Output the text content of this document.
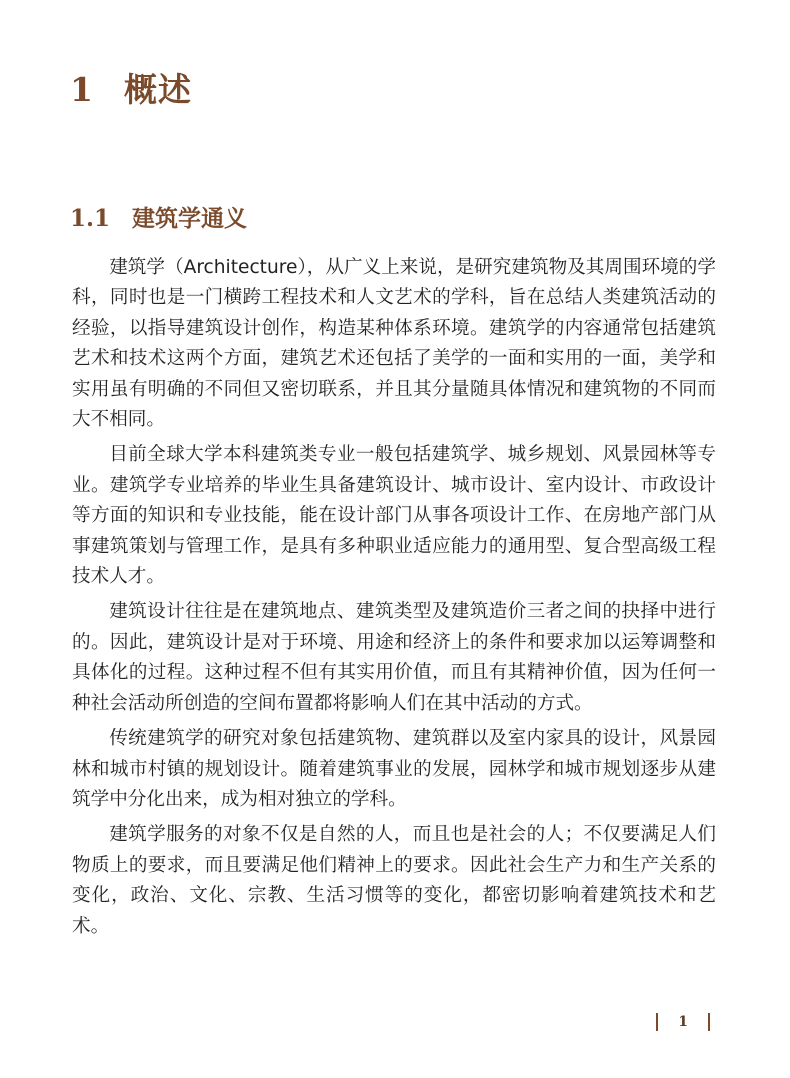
1 概述
1.1 建筑学通义

建筑学（Architecture），从广义上来说，是研究建筑物及其周围环境的学科，同时也是一门横跨工程技术和人文艺术的学科，旨在总结人类建筑活动的经验，以指导建筑设计创作，构造某种体系环境。建筑学的内容通常包括建筑艺术和技术这两个方面，建筑艺术还包括了美学的一面和实用的一面，美学和实用虽有明确的不同但又密切联系，并且其分量随具体情况和建筑物的不同而大不相同。

目前全球大学本科建筑类专业一般包括建筑学、城乡规划、风景园林等专业。建筑学专业培养的毕业生具备建筑设计、城市设计、室内设计、市政设计等方面的知识和专业技能，能在设计部门从事各项设计工作、在房地产部门从事建筑策划与管理工作，是具有多种职业适应能力的通用型、复合型高级工程技术人才。

建筑设计往往是在建筑地点、建筑类型及建筑造价三者之间的抉择中进行的。因此，建筑设计是对于环境、用途和经济上的条件和要求加以运筹调整和具体化的过程。这种过程不但有其实用价值，而且有其精神价值，因为任何一种社会活动所创造的空间布置都将影响人们在其中活动的方式。

传统建筑学的研究对象包括建筑物、建筑群以及室内家具的设计，风景园林和城市村镇的规划设计。随着建筑事业的发展，园林学和城市规划逐步从建筑学中分化出来，成为相对独立的学科。

建筑学服务的对象不仅是自然的人，而且也是社会的人；不仅要满足人们物质上的要求，而且要满足他们精神上的要求。因此社会生产力和生产关系的变化，政治、文化、宗教、生活习惯等的变化，都密切影响着建筑技术和艺术。

1
